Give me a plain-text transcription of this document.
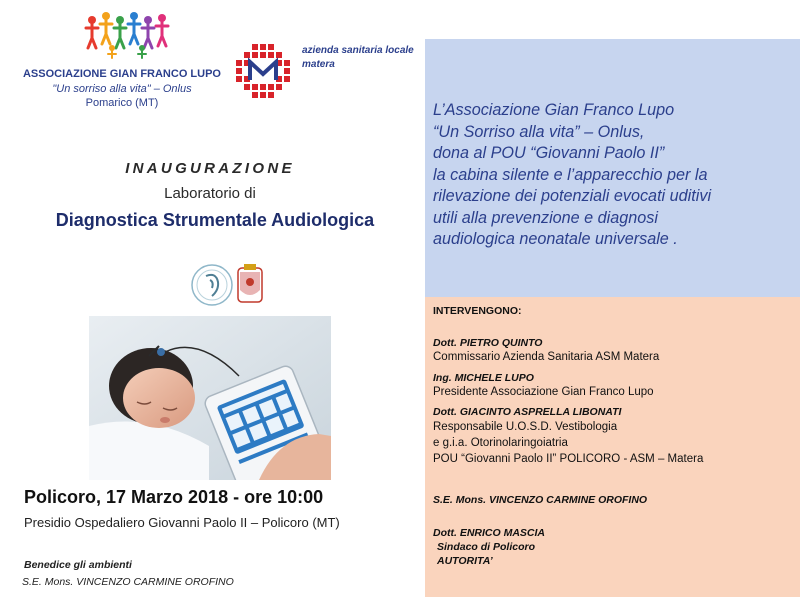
ASSOCIAZIONE GIAN FRANCO LUPO
"Un sorriso alla vita" – Onlus
Pomarico (MT)
azienda sanitaria locale
matera
INAUGURAZIONE
Laboratorio di
Diagnostica Strumentale Audiologica
Policoro, 17 Marzo 2018 - ore 10:00
Presidio Ospedaliero Giovanni Paolo II – Policoro (MT)
Benedice gli ambienti
S.E. Mons. VINCENZO CARMINE OROFINO
L’Associazione Gian Franco Lupo
“Un Sorriso alla vita” – Onlus,
dona al POU “Giovanni Paolo II”
la cabina silente e l’apparecchio per la
rilevazione dei potenziali evocati uditivi
utili alla prevenzione e diagnosi
audiologica neonatale universale .
INTERVENGONO:
Dott. PIETRO QUINTO
Commissario Azienda Sanitaria ASM Matera
Ing. MICHELE LUPO
Presidente Associazione Gian Franco Lupo
Dott. GIACINTO ASPRELLA LIBONATI
Responsabile U.O.S.D. Vestibologia
e g.i.a. Otorinolaringoiatria
POU “Giovanni Paolo II” POLICORO - ASM – Matera
S.E. Mons. VINCENZO CARMINE OROFINO
Dott. ENRICO MASCIA
Sindaco di Policoro
AUTORITA’
